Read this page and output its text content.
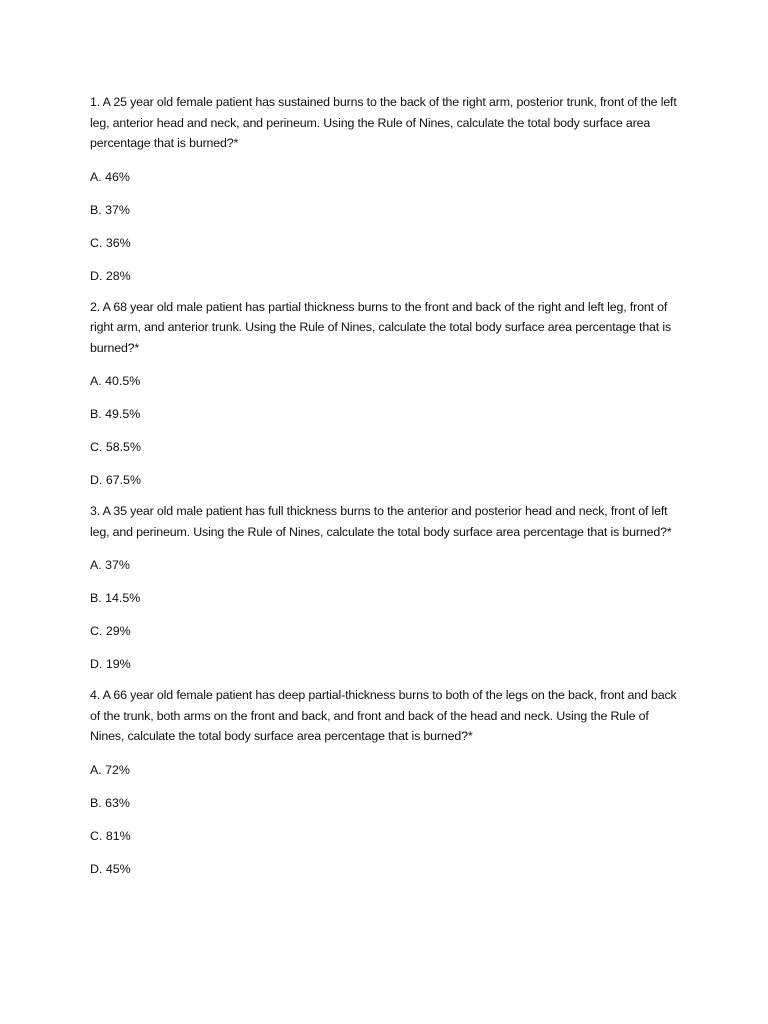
1. A 25 year old female patient has sustained burns to the back of the right arm, posterior trunk, front of the left leg, anterior head and neck, and perineum. Using the Rule of Nines, calculate the total body surface area percentage that is burned?*

A. 46%
B. 37%
C. 36%
D. 28%

2. A 68 year old male patient has partial thickness burns to the front and back of the right and left leg, front of right arm, and anterior trunk. Using the Rule of Nines, calculate the total body surface area percentage that is burned?*

A. 40.5%
B. 49.5%
C. 58.5%
D. 67.5%

3. A 35 year old male patient has full thickness burns to the anterior and posterior head and neck, front of left leg, and perineum. Using the Rule of Nines, calculate the total body surface area percentage that is burned?*

A. 37%
B. 14.5%
C. 29%
D. 19%

4. A 66 year old female patient has deep partial-thickness burns to both of the legs on the back, front and back of the trunk, both arms on the front and back, and front and back of the head and neck. Using the Rule of Nines, calculate the total body surface area percentage that is burned?*

A. 72%
B. 63%
C. 81%
D. 45%
